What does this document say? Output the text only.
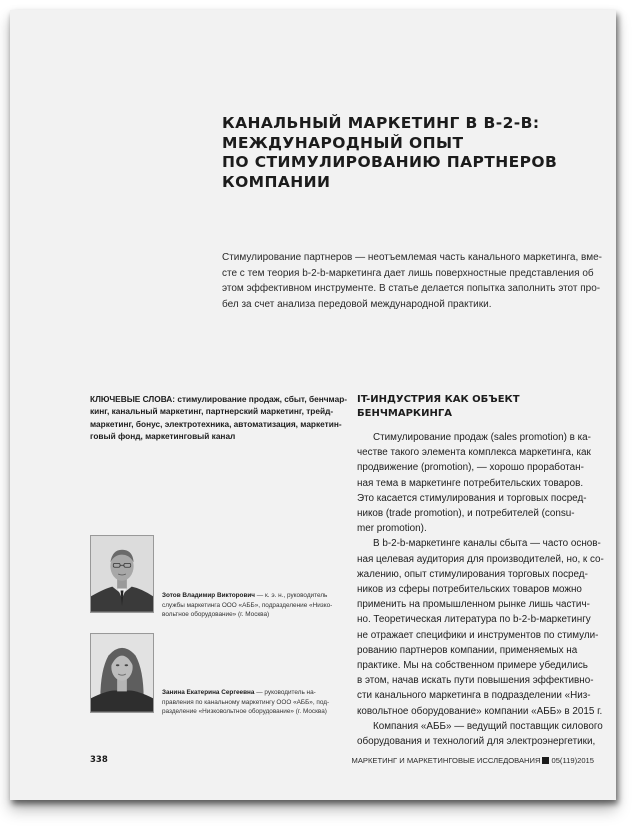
КАНАЛЬНЫЙ МАРКЕТИНГ В B-2-B:
МЕЖДУНАРОДНЫЙ ОПЫТ
ПО СТИМУЛИРОВАНИЮ ПАРТНЕРОВ
КОМПАНИИ
Стимулирование партнеров — неотъемлемая часть канального маркетинга, вме-
сте с тем теория b-2-b-маркетинга дает лишь поверхностные представления об
этом эффективном инструменте. В статье делается попытка заполнить этот про-
бел за счет анализа передовой международной практики.
КЛЮЧЕВЫЕ СЛОВА: стимулирование продаж, сбыт, бенчмар-
кинг, канальный маркетинг, партнерский маркетинг, трейд-
маркетинг, бонус, электротехника, автоматизация, маркетин-
говый фонд, маркетинговый канал
Зотов Владимир Викторович — к. э. н., руководитель
службы маркетинга ООО «АББ», подразделение «Низко-
вольтное оборудование» (г. Москва)
Занина Екатерина Сергеевна — руководитель на-
правления по канальному маркетингу ООО «АББ», под-
разделение «Низковольтное оборудование» (г. Москва)
IT-ИНДУСТРИЯ КАК ОБЪЕКТ
БЕНЧМАРКИНГА
Стимулирование продаж (sales promotion) в ка-
честве такого элемента комплекса маркетинга, как
продвижение (promotion), — хорошо проработан-
ная тема в маркетинге потребительских товаров.
Это касается стимулирования и торговых посред-
ников (trade promotion), и потребителей (consu-
mer promotion).
В b-2-b-маркетинге каналы сбыта — часто основ-
ная целевая аудитория для производителей, но, к со-
жалению, опыт стимулирования торговых посред-
ников из сферы потребительских товаров можно
применить на промышленном рынке лишь частич-
но. Теоретическая литература по b-2-b-маркетингу
не отражает специфики и инструментов по стимули-
рованию партнеров компании, применяемых на
практике. Мы на собственном примере убедились
в этом, начав искать пути повышения эффективно-
сти канального маркетинга в подразделении «Низ-
ковольтное оборудование» компании «АББ» в 2015 г.
Компания «АББ» — ведущий поставщик силового
оборудования и технологий для электроэнергетики,
338	МАРКЕТИНГ И МАРКЕТИНГОВЫЕ ИССЛЕДОВАНИЯ 05(119)2015
